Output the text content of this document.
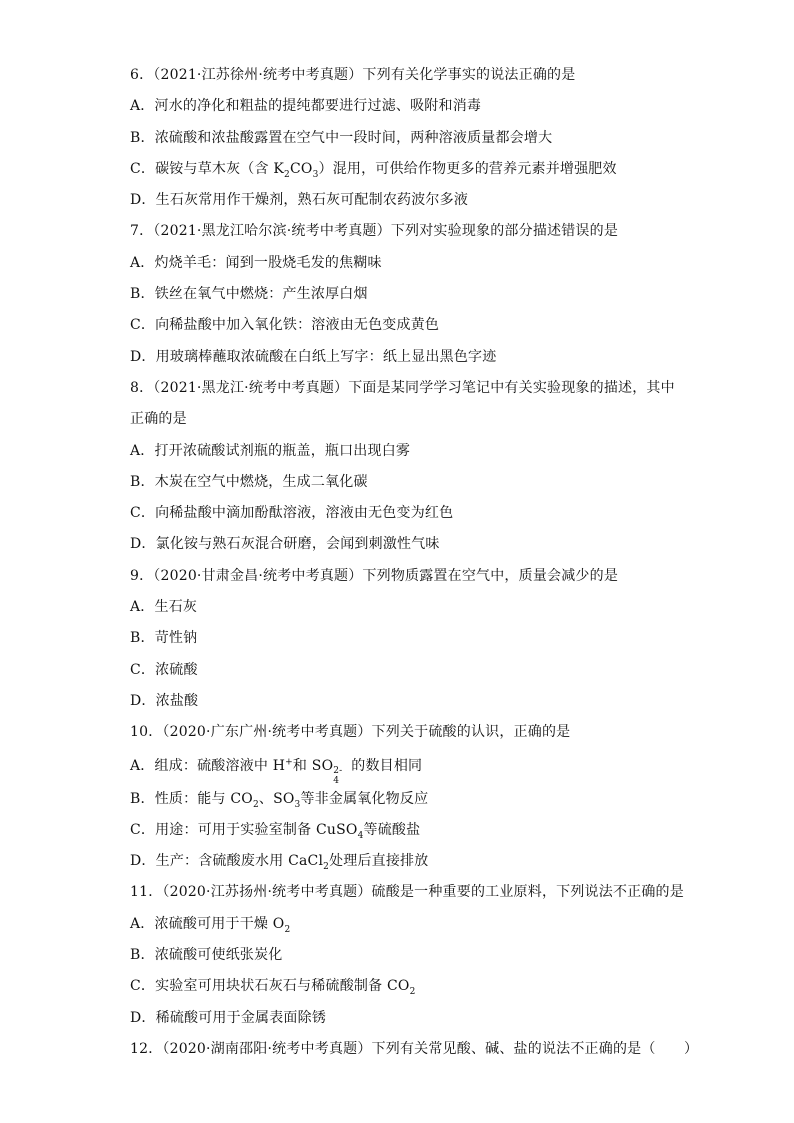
6．（2021·江苏徐州·统考中考真题）下列有关化学事实的说法正确的是
A．河水的净化和粗盐的提纯都要进行过滤、吸附和消毒
B．浓硫酸和浓盐酸露置在空气中一段时间，两种溶液质量都会增大
C．碳铵与草木灰（含 $K_2CO_3$）混用，可供给作物更多的营养元素并增强肥效
D．生石灰常用作干燥剂，熟石灰可配制农药波尔多液
7．（2021·黑龙江哈尔滨·统考中考真题）下列对实验现象的部分描述错误的是
A．灼烧羊毛：闻到一股烧毛发的焦糊味
B．铁丝在氧气中燃烧：产生浓厚白烟
C．向稀盐酸中加入氧化铁：溶液由无色变成黄色
D．用玻璃棒蘸取浓硫酸在白纸上写字：纸上显出黑色字迹
8．（2021·黑龙江·统考中考真题）下面是某同学学习笔记中有关实验现象的描述，其中
正确的是
A．打开浓硫酸试剂瓶的瓶盖，瓶口出现白雾
B．木炭在空气中燃烧，生成二氧化碳
C．向稀盐酸中滴加酚酞溶液，溶液由无色变为红色
D．氯化铵与熟石灰混合研磨，会闻到刺激性气味
9．（2020·甘肃金昌·统考中考真题）下列物质露置在空气中，质量会减少的是
A．生石灰
B．苛性钠
C．浓硫酸
D．浓盐酸
10．（2020·广东广州·统考中考真题）下列关于硫酸的认识，正确的是
A．组成：硫酸溶液中 H+和 SO 2-
4
的数目相同
B．性质：能与 $CO_2$、$SO_3$等非金属氧化物反应
C．用途：可用于实验室制备 CuSO$_4$等硫酸盐
D．生产：含硫酸废水用 CaCl$_2$处理后直接排放
11．（2020·江苏扬州·统考中考真题）硫酸是一种重要的工业原料，下列说法不正确的是
A．浓硫酸可用于干燥 $O_2$
B．浓硫酸可使纸张炭化
C．实验室可用块状石灰石与稀硫酸制备 $CO_2$
D．稀硫酸可用于金属表面除锈
12．（2020·湖南邵阳·统考中考真题）下列有关常见酸、碱、盐的说法不正确的是（　　）
